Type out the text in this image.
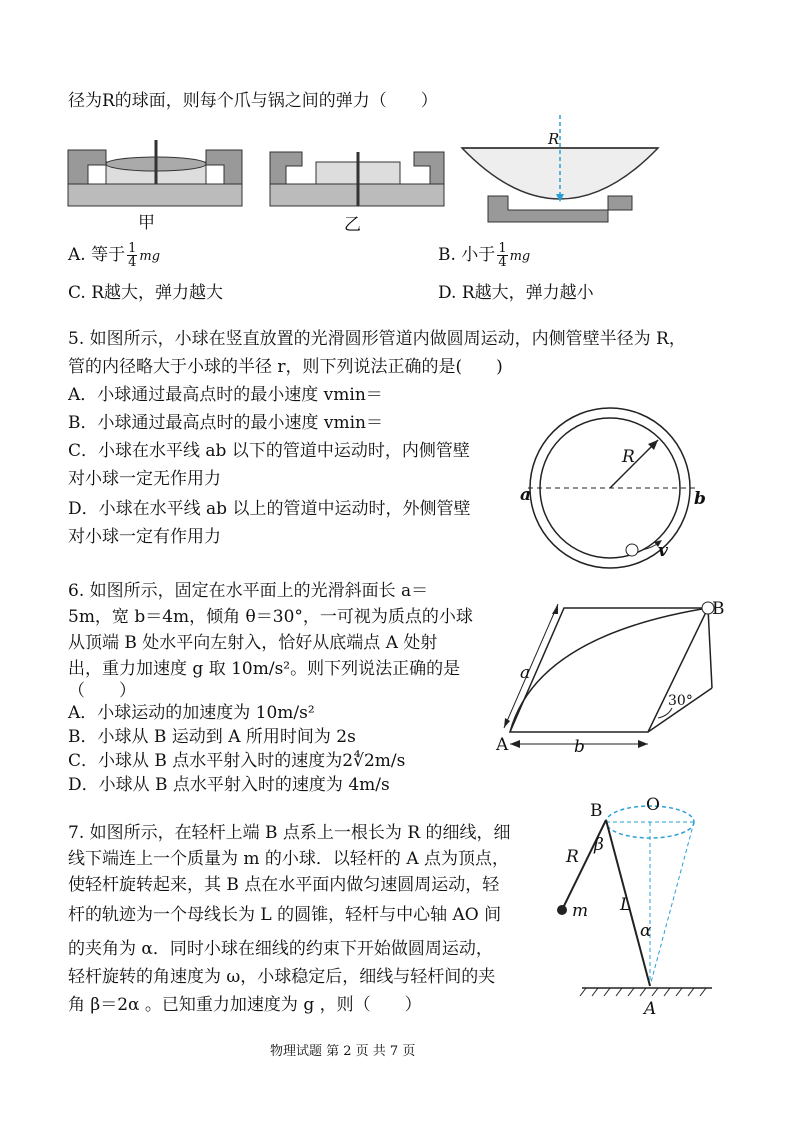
径为R的球面，则每个爪与锅之间的弹力（　　）
甲	乙
R
A. 等于 $\frac{1}{4}$ mg	B. 小于 $\frac{1}{4}$ mg
C. R越大，弹力越大	D. R越大，弹力越小
5. 如图所示，小球在竖直放置的光滑圆形管道内做圆周运动，内侧管壁半径为 R，
管的内径略大于小球的半径 r，则下列说法正确的是(　　)
A．小球通过最高点时的最小速度 vmin＝
B．小球通过最高点时的最小速度 vmin＝
C．小球在水平线 ab 以下的管道中运动时，内侧管壁
对小球一定无作用力
D．小球在水平线 ab 以上的管道中运动时，外侧管壁
对小球一定有作用力
R
a	b
v
6. 如图所示，固定在水平面上的光滑斜面长 a＝
5m，宽 b＝4m，倾角 θ＝30°，一可视为质点的小球
从顶端 B 处水平向左射入，恰好从底端点 A 处射
出，重力加速度 g 取 10m/s²。则下列说法正确的是
（　　）
A．小球运动的加速度为 10m/s²
B．小球从 B 运动到 A 所用时间为 2s
C．小球从 B 点水平射入时的速度为2∜2m/s
D．小球从 B 点水平射入时的速度为 4m/s
B
A
a
b
30°
7. 如图所示，在轻杆上端 B 点系上一根长为 R 的细线，细
线下端连上一个质量为 m 的小球．以轻杆的 A 点为顶点，
使轻杆旋转起来，其 B 点在水平面内做匀速圆周运动，轻
杆的轨迹为一个母线长为 L 的圆锥，轻杆与中心轴 AO 间
的夹角为 α．同时小球在细线的约束下开始做圆周运动，
轻杆旋转的角速度为 ω，小球稳定后，细线与轻杆间的夹
角 β＝2α 。已知重力加速度为 g ，则（　　）
B	O
R
β
m L
α
A
物理试题 第 2 页 共 7 页
